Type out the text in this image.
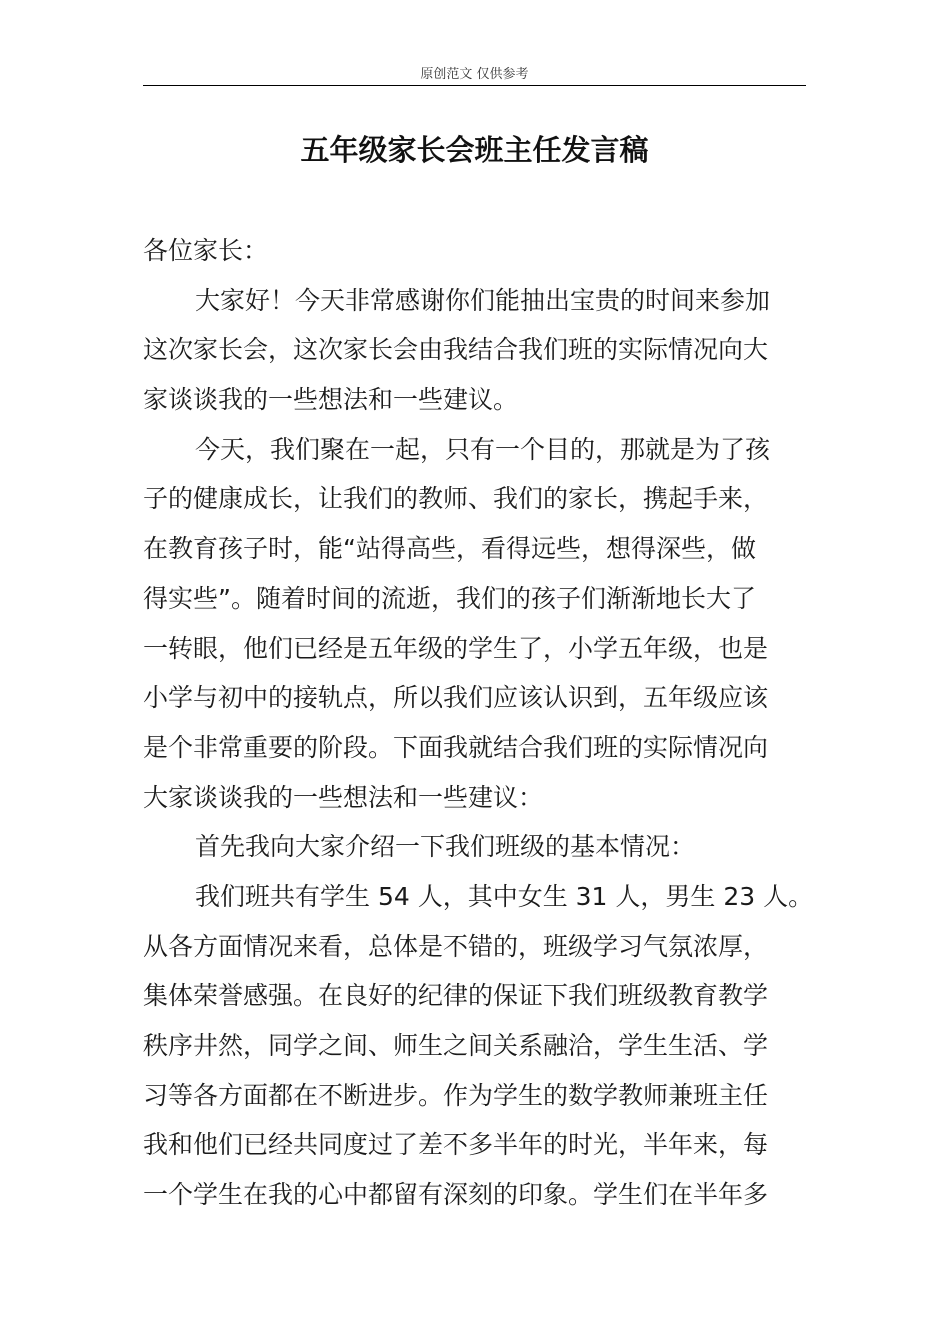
原创范文 仅供参考
五年级家长会班主任发言稿
各位家长：
大家好！今天非常感谢你们能抽出宝贵的时间来参加
这次家长会，这次家长会由我结合我们班的实际情况向大
家谈谈我的一些想法和一些建议。
今天，我们聚在一起，只有一个目的，那就是为了孩
子的健康成长，让我们的教师、我们的家长，携起手来，
在教育孩子时，能“站得高些，看得远些，想得深些，做
得实些”。随着时间的流逝，我们的孩子们渐渐地长大了
一转眼，他们已经是五年级的学生了，小学五年级，也是
小学与初中的接轨点，所以我们应该认识到，五年级应该
是个非常重要的阶段。下面我就结合我们班的实际情况向
大家谈谈我的一些想法和一些建议：
首先我向大家介绍一下我们班级的基本情况：
我们班共有学生 54 人，其中女生 31 人，男生 23 人。
从各方面情况来看，总体是不错的，班级学习气氛浓厚，
集体荣誉感强。在良好的纪律的保证下我们班级教育教学
秩序井然，同学之间、师生之间关系融洽，学生生活、学
习等各方面都在不断进步。作为学生的数学教师兼班主任
我和他们已经共同度过了差不多半年的时光，半年来，每
一个学生在我的心中都留有深刻的印象。学生们在半年多
